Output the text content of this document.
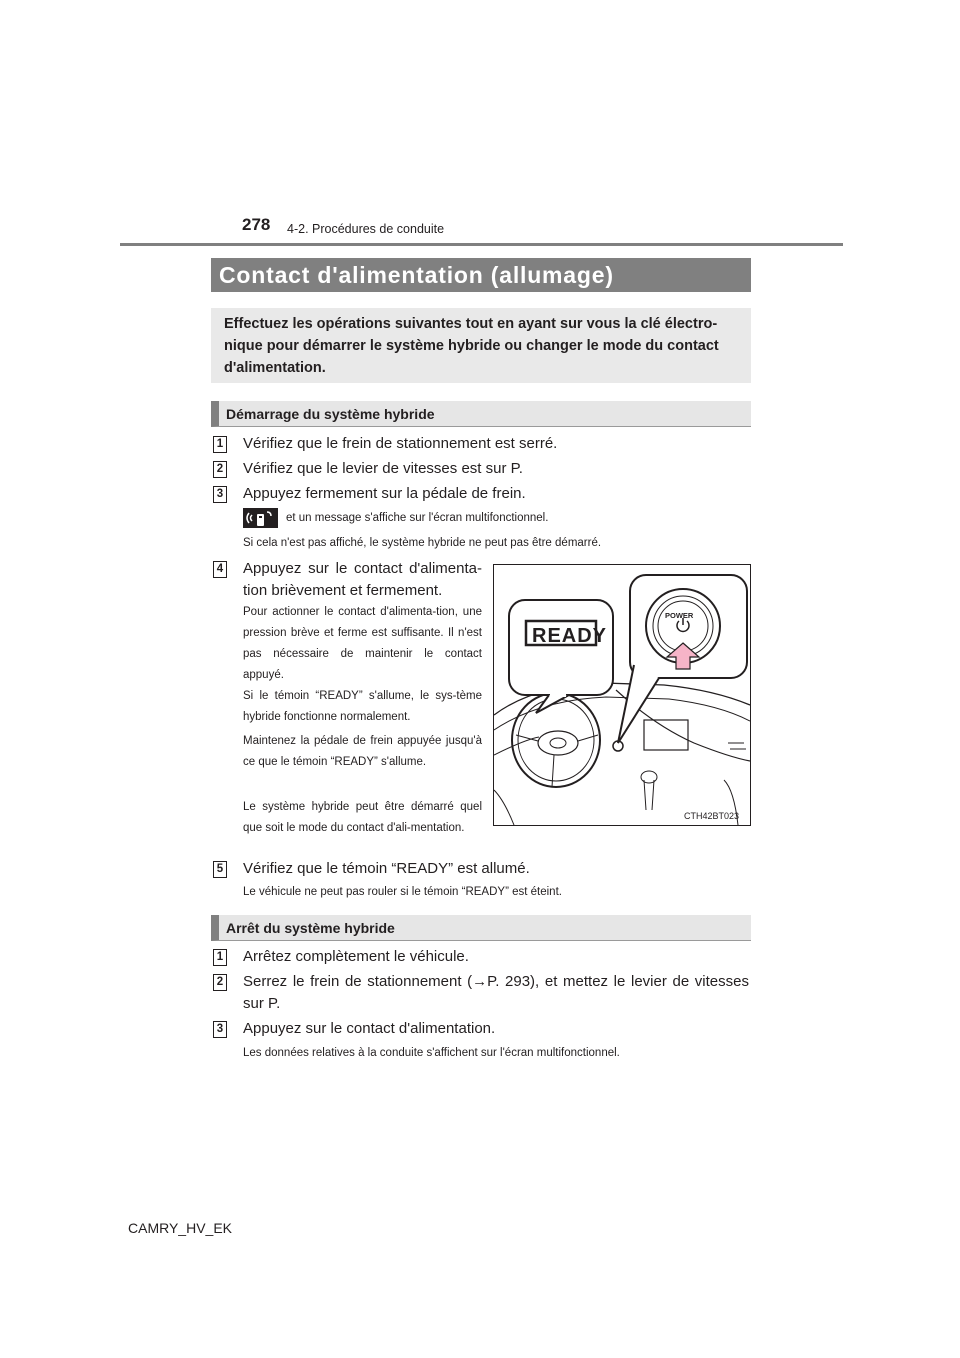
278 4-2. Procédures de conduite
Contact d'alimentation (allumage)
Effectuez les opérations suivantes tout en ayant sur vous la clé électro-nique pour démarrer le système hybride ou changer le mode du contact d'alimentation.
Démarrage du système hybride
1 Vérifiez que le frein de stationnement est serré.
2 Vérifiez que le levier de vitesses est sur P.
3 Appuyez fermement sur la pédale de frein.
et un message s'affiche sur l'écran multifonctionnel.
Si cela n'est pas affiché, le système hybride ne peut pas être démarré.
4 Appuyez sur le contact d'alimenta-tion brièvement et fermement.
Pour actionner le contact d'alimenta-tion, une pression brève et ferme est suffisante. Il n'est pas nécessaire de maintenir le contact appuyé.
Si le témoin “READY” s'allume, le sys-tème hybride fonctionne normalement.
Maintenez la pédale de frein appuyée jusqu'à ce que le témoin “READY” s'allume.
Le système hybride peut être démarré quel que soit le mode du contact d'ali-mentation.
READY
POWER
CTH42BT023
5 Vérifiez que le témoin “READY” est allumé.
Le véhicule ne peut pas rouler si le témoin “READY” est éteint.
Arrêt du système hybride
1 Arrêtez complètement le véhicule.
2 Serrez le frein de stationnement (→P. 293), et mettez le levier de vitesses sur P.
3 Appuyez sur le contact d'alimentation.
Les données relatives à la conduite s'affichent sur l'écran multifonctionnel.
CAMRY_HV_EK
